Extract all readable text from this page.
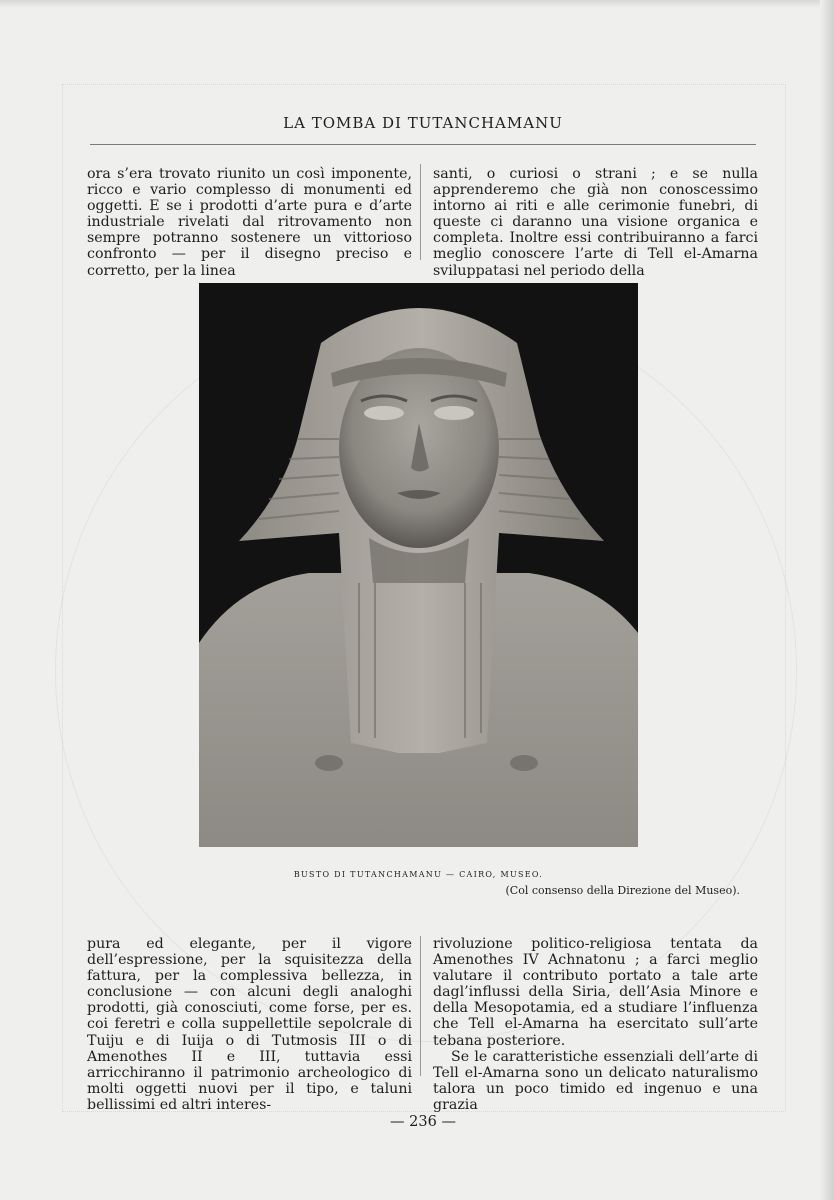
LA TOMBA DI TUTANCHAMANU

ora s’era trovato riunito un così imponente, ricco e vario complesso di monumenti ed oggetti. E se i prodotti d’arte pura e d’arte industriale rivelati dal ritrovamento non sempre potranno sostenere un vittorioso confronto — per il disegno preciso e corretto, per la linea

santi, o curiosi o strani ; e se nulla apprenderemo che già non conoscessimo intorno ai riti e alle cerimonie funebri, di queste ci daranno una visione organica e completa. Inoltre essi contribuiranno a farci meglio conoscere l’arte di Tell el-Amarna sviluppatasi nel periodo della

BUSTO DI TUTANCHAMANU — CAIRO, MUSEO.
(Col consenso della Direzione del Museo).

pura ed elegante, per il vigore dell’espressione, per la squisitezza della fattura, per la complessiva bellezza, in conclusione — con alcuni degli analoghi prodotti, già conosciuti, come forse, per es. coi feretri e colla suppellettile sepolcrale di Tuiju e di Iuija o di Tutmosis III o di Amenothes II e III, tuttavia essi arricchiranno il patrimonio archeologico di molti oggetti nuovi per il tipo, e taluni bellissimi ed altri interes-

rivoluzione politico-religiosa tentata da Amenothes IV Achnatonu ; a farci meglio valutare il contributo portato a tale arte dagl’influssi della Siria, dell’Asia Minore e della Mesopotamia, ed a studiare l’influenza che Tell el-Amarna ha esercitato sull’arte tebana posteriore.

Se le caratteristiche essenziali dell’arte di Tell el-Amarna sono un delicato naturalismo talora un poco timido ed ingenuo e una grazia

— 236 —
